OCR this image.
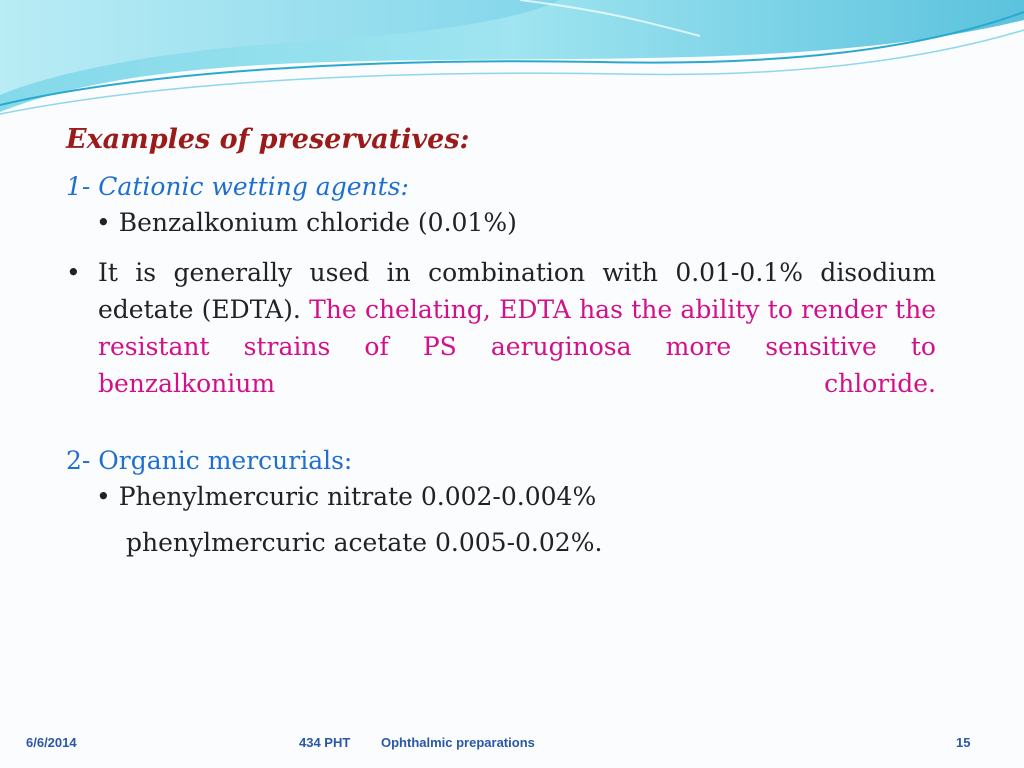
Examples of preservatives:
1- Cationic wetting agents:
• Benzalkonium chloride (0.01%)
• It is generally used in combination with 0.01-0.1% disodium edetate (EDTA). The chelating, EDTA has the ability to render the resistant strains of PS aeruginosa more sensitive to benzalkonium chloride.
2- Organic mercurials:
• Phenylmercuric nitrate 0.002-0.004%
phenylmercuric acetate 0.005-0.02%.
6/6/2014	434 PHT Ophthalmic preparations	15
